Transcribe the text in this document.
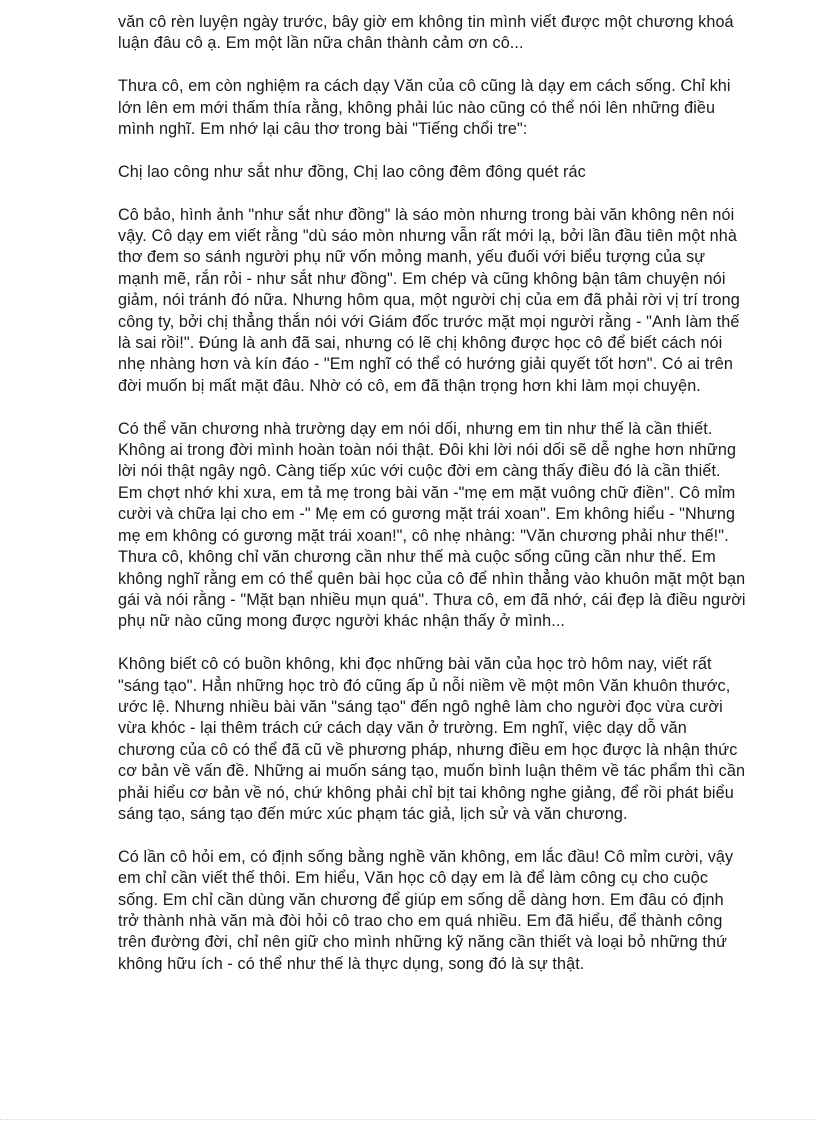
văn cô rèn luyện ngày trước, bây giờ em không tin mình viết được một chương khoá luận đâu cô ạ. Em một lần nữa chân thành cảm ơn cô...

Thưa cô, em còn nghiệm ra cách dạy Văn của cô cũng là dạy em cách sống. Chỉ khi lớn lên em mới thấm thía rằng, không phải lúc nào cũng có thể nói lên những điều mình nghĩ. Em nhớ lại câu thơ trong bài "Tiếng chổi tre":

Chị lao công như sắt như đồng, Chị lao công đêm đông quét rác

Cô bảo, hình ảnh "như sắt như đồng" là sáo mòn nhưng trong bài văn không nên nói vậy. Cô dạy em viết rằng "dù sáo mòn nhưng vẫn rất mới lạ, bởi lần đầu tiên một nhà thơ đem so sánh người phụ nữ vốn mỏng manh, yếu đuối với biểu tượng của sự mạnh mẽ, rắn rỏi - như sắt như đồng". Em chép và cũng không bận tâm chuyện nói giảm, nói tránh đó nữa. Nhưng hôm qua, một người chị của em đã phải rời vị trí trong công ty, bởi chị thẳng thắn nói với Giám đốc trước mặt mọi người rằng - "Anh làm thế là sai rồi!". Đúng là anh đã sai, nhưng có lẽ chị không được học cô để biết cách nói nhẹ nhàng hơn và kín đáo - "Em nghĩ có thể có hướng giải quyết tốt hơn". Có ai trên đời muốn bị mất mặt đâu. Nhờ có cô, em đã thận trọng hơn khi làm mọi chuyện.

Có thể văn chương nhà trường dạy em nói dối, nhưng em tin như thế là cần thiết. Không ai trong đời mình hoàn toàn nói thật. Đôi khi lời nói dối sẽ dễ nghe hơn những lời nói thật ngây ngô. Càng tiếp xúc với cuộc đời em càng thấy điều đó là cần thiết. Em chợt nhớ khi xưa, em tả mẹ trong bài văn -"mẹ em mặt vuông chữ điền". Cô mỉm cười và chữa lại cho em -" Mẹ em có gương mặt trái xoan". Em không hiểu - "Nhưng mẹ em không có gương mặt trái xoan!", cô nhẹ nhàng: "Văn chương phải như thế!". Thưa cô, không chỉ văn chương cần như thế mà cuộc sống cũng cần như thế. Em không nghĩ rằng em có thể quên bài học của cô để nhìn thẳng vào khuôn mặt một bạn gái và nói rằng - "Mặt bạn nhiều mụn quá". Thưa cô, em đã nhớ, cái đẹp là điều người phụ nữ nào cũng mong được người khác nhận thấy ở mình...

Không biết cô có buồn không, khi đọc những bài văn của học trò hôm nay, viết rất "sáng tạo". Hẳn những học trò đó cũng ấp ủ nỗi niềm về một môn Văn khuôn thước, ước lệ. Nhưng nhiều bài văn "sáng tạo" đến ngô nghê làm cho người đọc vừa cười vừa khóc - lại thêm trách cứ cách dạy văn ở trường. Em nghĩ, việc dạy dỗ văn chương của cô có thể đã cũ về phương pháp, nhưng điều em học được là nhận thức cơ bản về vấn đề. Những ai muốn sáng tạo, muốn bình luận thêm về tác phẩm thì cần phải hiểu cơ bản về nó, chứ không phải chỉ bịt tai không nghe giảng, để rồi phát biểu sáng tạo, sáng tạo đến mức xúc phạm tác giả, lịch sử và văn chương.

Có lần cô hỏi em, có định sống bằng nghề văn không, em lắc đầu! Cô mỉm cười, vậy em chỉ cần viết thế thôi. Em hiểu, Văn học cô dạy em là để làm công cụ cho cuộc sống. Em chỉ cần dùng văn chương để giúp em sống dễ dàng hơn. Em đâu có định trở thành nhà văn mà đòi hỏi cô trao cho em quá nhiều. Em đã hiểu, để thành công trên đường đời, chỉ nên giữ cho mình những kỹ năng cần thiết và loại bỏ những thứ không hữu ích - có thể như thế là thực dụng, song đó là sự thật.
